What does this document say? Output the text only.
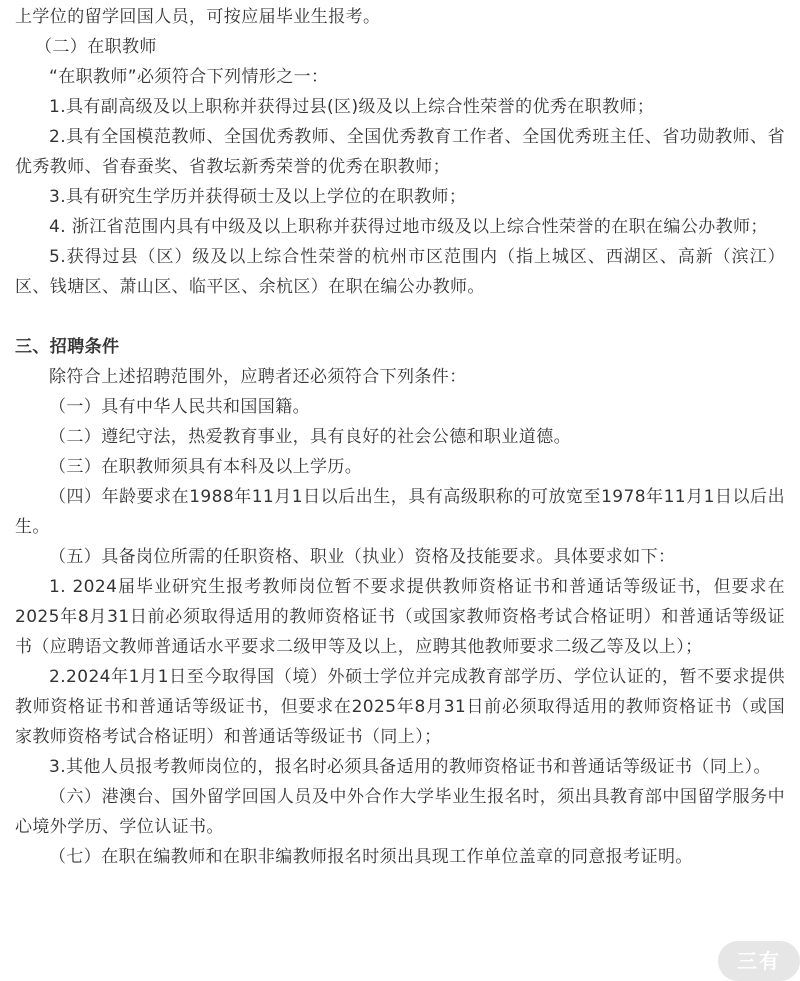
上学位的留学回国人员，可按应届毕业生报考。

（二）在职教师

“在职教师”必须符合下列情形之一：

1.具有副高级及以上职称并获得过县(区)级及以上综合性荣誉的优秀在职教师；

2.具有全国模范教师、全国优秀教师、全国优秀教育工作者、全国优秀班主任、省功勋教师、省优秀教师、省春蚕奖、省教坛新秀荣誉的优秀在职教师；

3.具有研究生学历并获得硕士及以上学位的在职教师；

4. 浙江省范围内具有中级及以上职称并获得过地市级及以上综合性荣誉的在职在编公办教师；

5.获得过县（区）级及以上综合性荣誉的杭州市区范围内（指上城区、西湖区、高新（滨江）区、钱塘区、萧山区、临平区、余杭区）在职在编公办教师。

三、招聘条件

除符合上述招聘范围外，应聘者还必须符合下列条件：

（一）具有中华人民共和国国籍。

（二）遵纪守法，热爱教育事业，具有良好的社会公德和职业道德。

（三）在职教师须具有本科及以上学历。

（四）年龄要求在1988年11月1日以后出生，具有高级职称的可放宽至1978年11月1日以后出生。

（五）具备岗位所需的任职资格、职业（执业）资格及技能要求。具体要求如下：

1. 2024届毕业研究生报考教师岗位暂不要求提供教师资格证书和普通话等级证书，但要求在2025年8月31日前必须取得适用的教师资格证书（或国家教师资格考试合格证明）和普通话等级证书（应聘语文教师普通话水平要求二级甲等及以上，应聘其他教师要求二级乙等及以上）；

2.2024年1月1日至今取得国（境）外硕士学位并完成教育部学历、学位认证的，暂不要求提供教师资格证书和普通话等级证书，但要求在2025年8月31日前必须取得适用的教师资格证书（或国家教师资格考试合格证明）和普通话等级证书（同上）；

3.其他人员报考教师岗位的，报名时必须具备适用的教师资格证书和普通话等级证书（同上）。

（六）港澳台、国外留学回国人员及中外合作大学毕业生报名时，须出具教育部中国留学服务中心境外学历、学位认证书。

（七）在职在编教师和在职非编教师报名时须出具现工作单位盖章的同意报考证明。

三有
